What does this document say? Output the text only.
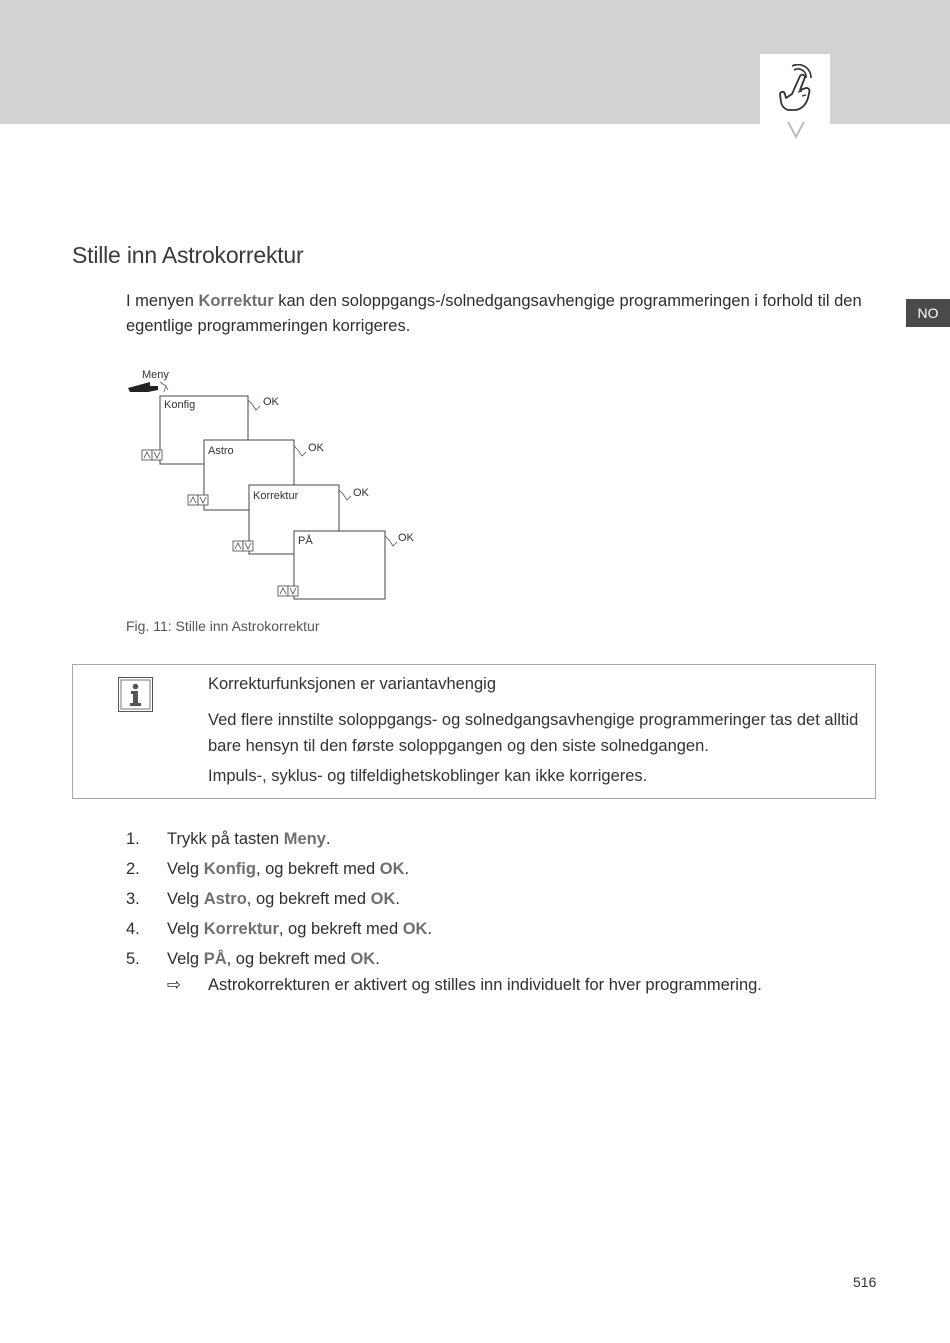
NO
Stille inn Astrokorrektur

I menyen Korrektur kan den soloppgangs-/solnedgangsavhengige programmeringen i forhold til den egentlige programmeringen korrigeres.

Meny
Konfig	OK
Astro	OK
Korrektur	OK
PÅ	OK

Fig. 11: Stille inn Astrokorrektur

Korrekturfunksjonen er variantavhengig

Ved flere innstilte soloppgangs- og solnedgangsavhengige programmeringer tas det alltid bare hensyn til den første soloppgangen og den siste solnedgangen.

Impuls-, syklus- og tilfeldighetskoblinger kan ikke korrigeres.

1.	Trykk på tasten Meny.
2.	Velg Konfig, og bekreft med OK.
3.	Velg Astro, og bekreft med OK.
4.	Velg Korrektur, og bekreft med OK.
5.	Velg PÅ, og bekreft med OK.
⇨	Astrokorrekturen er aktivert og stilles inn individuelt for hver programmering.
516
